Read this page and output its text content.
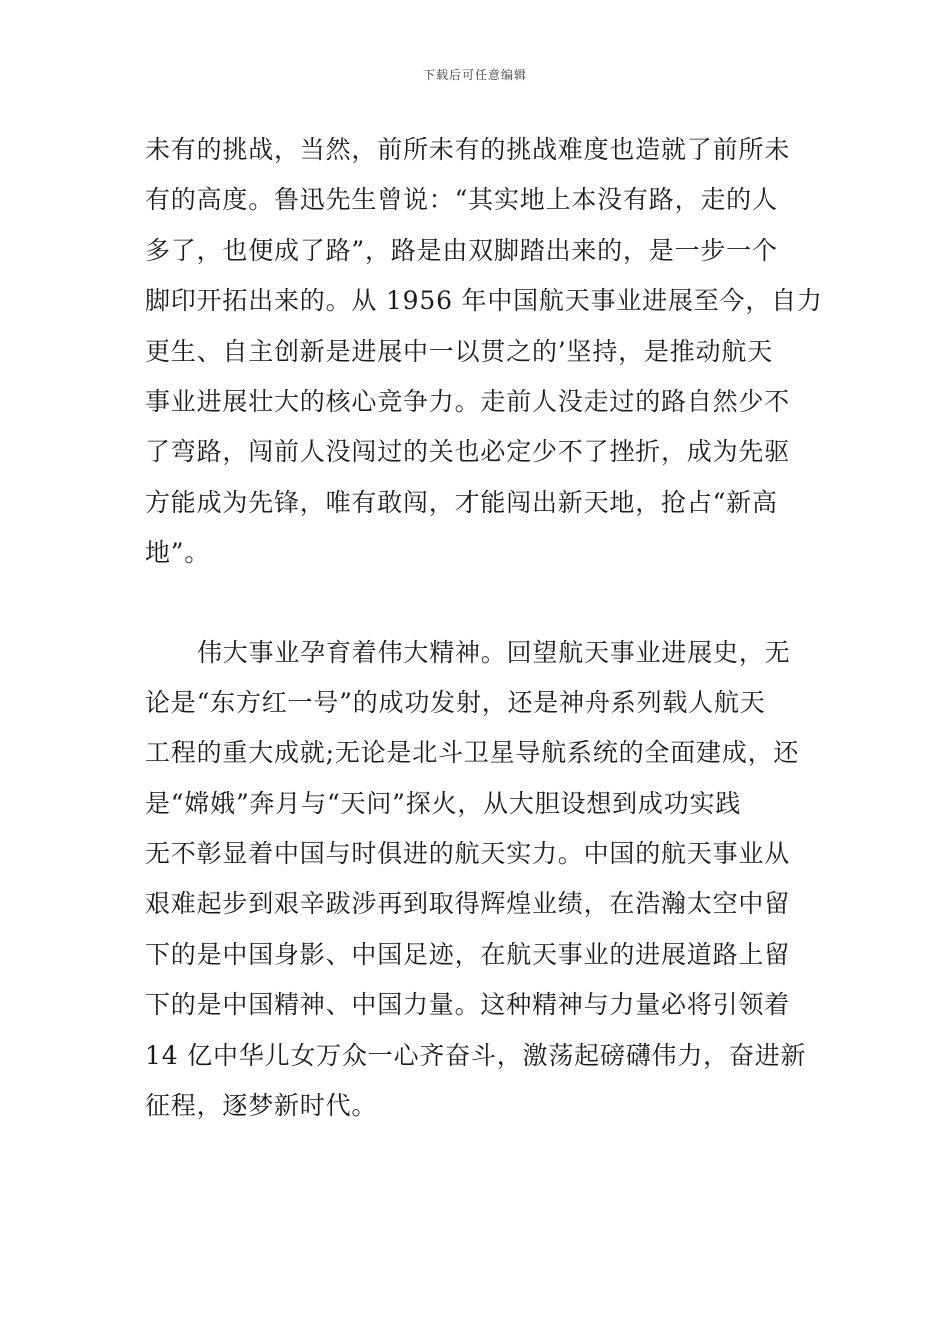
下载后可任意编辑
未有的挑战，当然，前所未有的挑战难度也造就了前所未
有的高度。鲁迅先生曾说：“其实地上本没有路，走的人
多了，也便成了路”，路是由双脚踏出来的，是一步一个
脚印开拓出来的。从 1956 年中国航天事业进展至今，自力
更生、自主创新是进展中一以贯之的’坚持，是推动航天
事业进展壮大的核心竞争力。走前人没走过的路自然少不
了弯路，闯前人没闯过的关也必定少不了挫折，成为先驱
方能成为先锋，唯有敢闯，才能闯出新天地，抢占“新高
地”。
伟大事业孕育着伟大精神。回望航天事业进展史，无
论是“东方红一号”的成功发射，还是神舟系列载人航天
工程的重大成就;无论是北斗卫星导航系统的全面建成，还
是“嫦娥”奔月与“天问”探火，从大胆设想到成功实践
无不彰显着中国与时俱进的航天实力。中国的航天事业从
艰难起步到艰辛跋涉再到取得辉煌业绩，在浩瀚太空中留
下的是中国身影、中国足迹，在航天事业的进展道路上留
下的是中国精神、中国力量。这种精神与力量必将引领着
14 亿中华儿女万众一心齐奋斗，激荡起磅礴伟力，奋进新
征程，逐梦新时代。
